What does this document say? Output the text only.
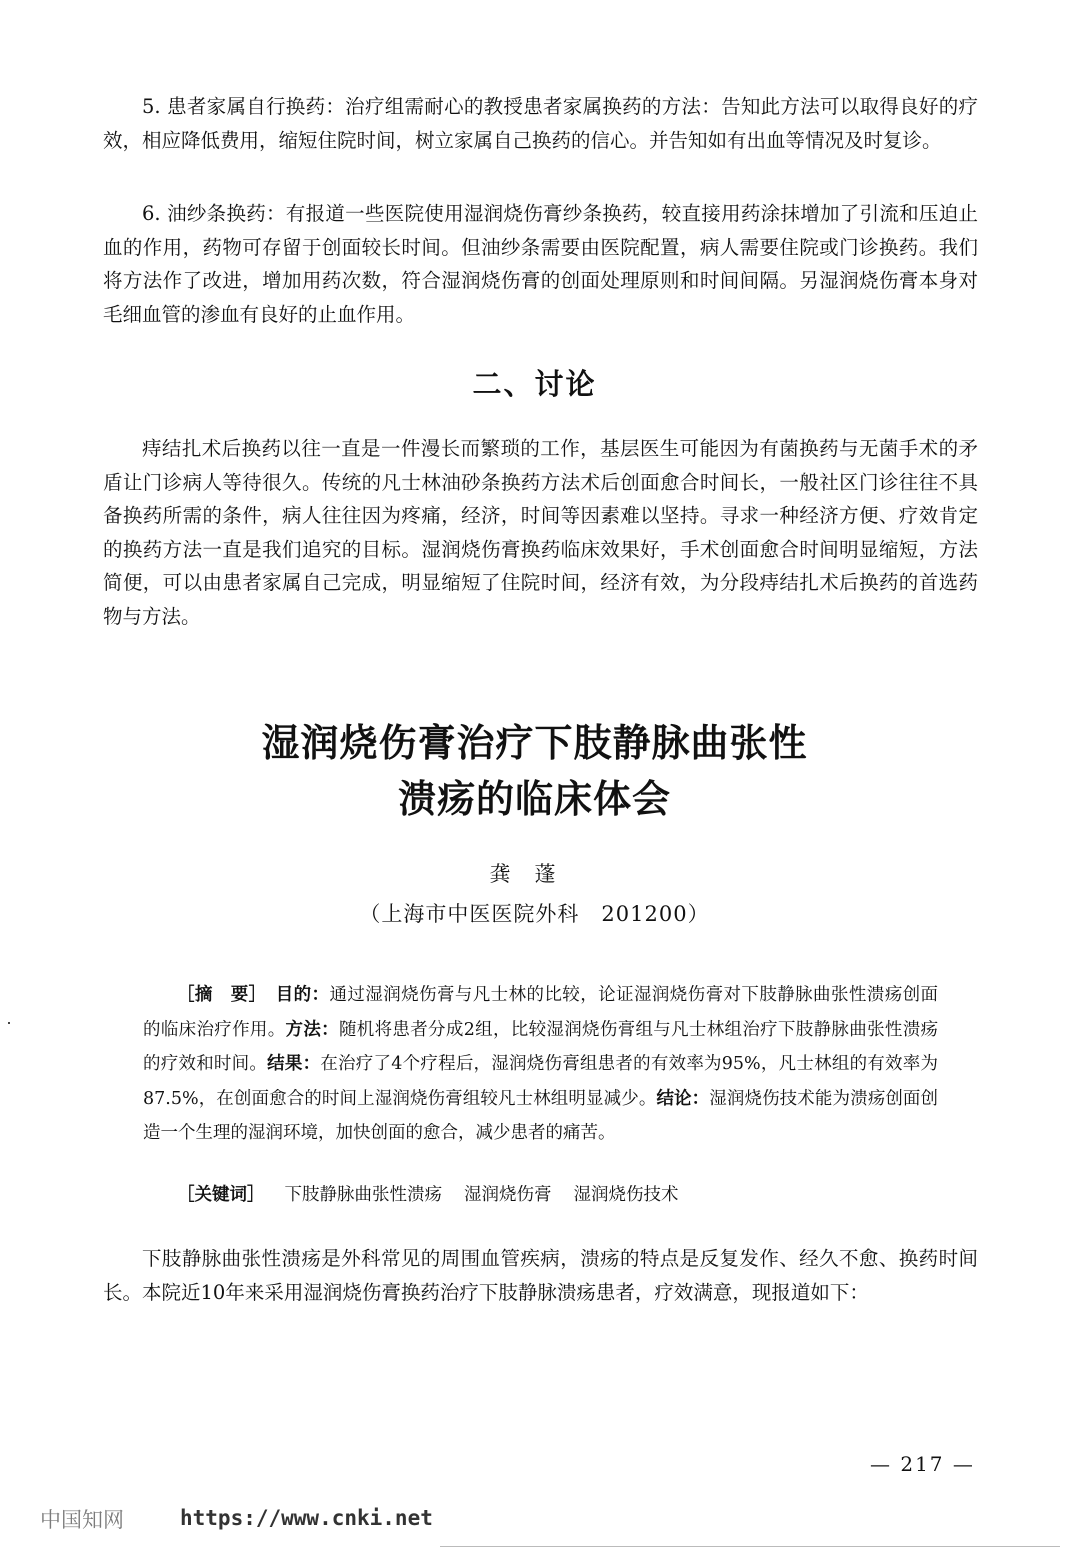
5. 患者家属自行换药：治疗组需耐心的教授患者家属换药的方法：告知此方法可以取得良好的疗效，相应降低费用，缩短住院时间，树立家属自己换药的信心。并告知如有出血等情况及时复诊。

6. 油纱条换药：有报道一些医院使用湿润烧伤膏纱条换药，较直接用药涂抹增加了引流和压迫止血的作用，药物可存留于创面较长时间。但油纱条需要由医院配置，病人需要住院或门诊换药。我们将方法作了改进，增加用药次数，符合湿润烧伤膏的创面处理原则和时间间隔。另湿润烧伤膏本身对毛细血管的渗血有良好的止血作用。

二、讨论

痔结扎术后换药以往一直是一件漫长而繁琐的工作，基层医生可能因为有菌换药与无菌手术的矛盾让门诊病人等待很久。传统的凡士林油砂条换药方法术后创面愈合时间长，一般社区门诊往往不具备换药所需的条件，病人往往因为疼痛，经济，时间等因素难以坚持。寻求一种经济方便、疗效肯定的换药方法一直是我们追究的目标。湿润烧伤膏换药临床效果好，手术创面愈合时间明显缩短，方法简便，可以由患者家属自己完成，明显缩短了住院时间，经济有效，为分段痔结扎术后换药的首选药物与方法。

湿润烧伤膏治疗下肢静脉曲张性
溃疡的临床体会
龚蓬
（上海市中医医院外科　201200）

［摘　要］　 目的：通过湿润烧伤膏与凡士林的比较，论证湿润烧伤膏对下肢静脉曲张性溃疡创面的临床治疗作用。方法：随机将患者分成2组，比较湿润烧伤膏组与凡士林组治疗下肢静脉曲张性溃疡的疗效和时间。结果：在治疗了4个疗程后，湿润烧伤膏组患者的有效率为95%，凡士林组的有效率为87.5%，在创面愈合的时间上湿润烧伤膏组较凡士林组明显减少。结论：湿润烧伤技术能为溃疡创面创造一个生理的湿润环境，加快创面的愈合，减少患者的痛苦。

［关键词］ 下肢静脉曲张性溃疡 湿润烧伤膏 湿润烧伤技术

下肢静脉曲张性溃疡是外科常见的周围血管疾病，溃疡的特点是反复发作、经久不愈、换药时间长。本院近10年来采用湿润烧伤膏换药治疗下肢静脉溃疡患者，疗效满意，现报道如下：

— 217 —
中国知网	https://www.cnki.net
